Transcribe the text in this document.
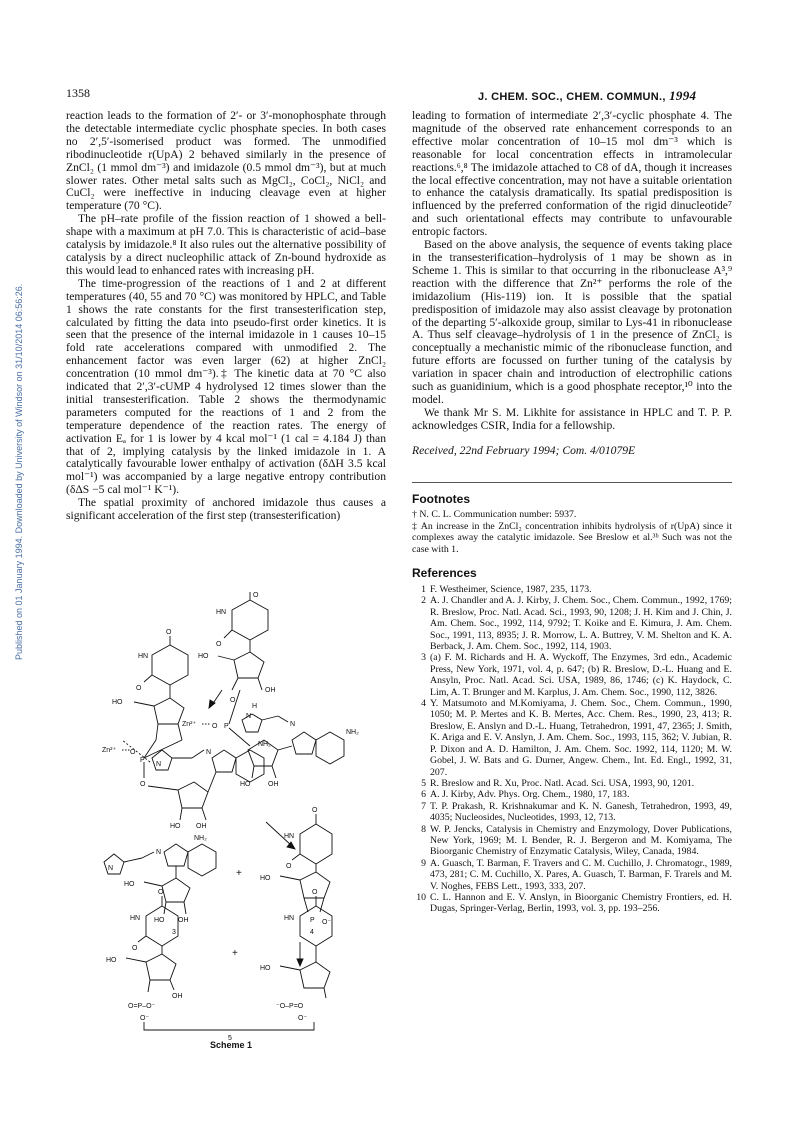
Published on 01 January 1994. Downloaded by University of Windsor on 31/10/2014 06:56:26.
1358	J. CHEM. SOC., CHEM. COMMUN., 1994

reaction leads to the formation of 2′- or 3′-monophosphate through the detectable intermediate cyclic phosphate species. In both cases no 2′,5′-isomerised product was formed. The unmodified ribodinucleotide r(UpA) 2 behaved similarly in the presence of ZnCl₂ (1 mmol dm⁻³) and imidazole (0.5 mmol dm⁻³), but at much slower rates. Other metal salts such as MgCl₂, CoCl₂, NiCl₂ and CuCl₂ were ineffective in inducing cleavage even at higher temperature (70 °C).

The pH–rate profile of the fission reaction of 1 showed a bell-shape with a maximum at pH 7.0. This is characteristic of acid–base catalysis by imidazole.⁸ It also rules out the alternative possibility of catalysis by a direct nucleophilic attack of Zn-bound hydroxide as this would lead to enhanced rates with increasing pH.

The time-progression of the reactions of 1 and 2 at different temperatures (40, 55 and 70 °C) was monitored by HPLC, and Table 1 shows the rate constants for the first transesterification step, calculated by fitting the data into pseudo-first order kinetics. It is seen that the presence of the internal imidazole in 1 causes 10–15 fold rate accelerations compared with unmodified 2. The enhancement factor was even larger (62) at higher ZnCl₂ concentration (10 mmol dm⁻³).‡ The kinetic data at 70 °C also indicated that 2′,3′-cUMP 4 hydrolysed 12 times slower than the initial transesterification. Table 2 shows the thermodynamic parameters computed for the reactions of 1 and 2 from the temperature dependence of the reaction rates. The energy of activation Eₐ for 1 is lower by 4 kcal mol⁻¹ (1 cal = 4.184 J) than that of 2, implying catalysis by the linked imidazole in 1. A catalytically favourable lower enthalpy of activation (δΔH 3.5 kcal mol⁻¹) was accompanied by a large negative entropy contribution (δΔS −5 cal mol⁻¹ K⁻¹).

The spatial proximity of anchored imidazole thus causes a significant acceleration of the first step (transesterification)

leading to formation of intermediate 2′,3′-cyclic phosphate 4. The magnitude of the observed rate enhancement corresponds to an effective molar concentration of 10–15 mol dm⁻³ which is reasonable for local concentration effects in intramolecular reactions.⁶,⁸ The imidazole attached to C8 of dA, though it increases the local effective concentration, may not have a suitable orientation to enhance the catalysis dramatically. Its spatial predisposition is influenced by the preferred conformation of the rigid dinucleotide⁷ and such orientational effects may contribute to unfavourable entropic factors.

Based on the above analysis, the sequence of events taking place in the transesterification–hydrolysis of 1 may be shown as in Scheme 1. This is similar to that occurring in the ribonuclease A³,⁹ reaction with the difference that Zn²⁺ performs the role of the imidazolium (His-119) ion. It is possible that the spatial predisposition of imidazole may also assist cleavage by protonation of the departing 5′-alkoxide group, similar to Lys-41 in ribonuclease A. Thus self cleavage–hydrolysis of 1 in the presence of ZnCl₂ is conceptually a mechanistic mimic of the ribonuclease function, and future efforts are focussed on further tuning of the catalysis by variation in spacer chain and introduction of electrophilic cations such as guanidinium, which is a good phosphate receptor,¹⁰ into the model.

We thank Mr S. M. Likhite for assistance in HPLC and T. P. P. acknowledges CSIR, India for a fellowship.

Received, 22nd February 1994; Com. 4/01079E

Footnotes

† N. C. L. Communication number: 5937.

‡ An increase in the ZnCl₂ concentration inhibits hydrolysis of r(UpA) since it complexes away the catalytic imidazole. See Breslow et al.³ᵇ Such was not the case with 1.

References

1 F. Westheimer, Science, 1987, 235, 1173.
2 A. J. Chandler and A. J. Kirby, J. Chem. Soc., Chem. Commun., 1992, 1769; R. Breslow, Proc. Natl. Acad. Sci., 1993, 90, 1208; J. H. Kim and J. Chin, J. Am. Chem. Soc., 1992, 114, 9792; T. Koike and E. Kimura, J. Am. Chem. Soc., 1991, 113, 8935; J. R. Morrow, L. A. Buttrey, V. M. Shelton and K. A. Berback, J. Am. Chem. Soc., 1992, 114, 1903.
3 (a) F. M. Richards and H. A. Wyckoff, The Enzymes, 3rd edn., Academic Press, New York, 1971, vol. 4, p. 647; (b) R. Breslow, D.-L. Huang and E. Ansyln, Proc. Natl. Acad. Sci. USA, 1989, 86, 1746; (c) K. Haydock, C. Lim, A. T. Brunger and M. Karplus, J. Am. Chem. Soc., 1990, 112, 3826.
4 Y. Matsumoto and M.Komiyama, J. Chem. Soc., Chem. Commun., 1990, 1050; M. P. Mertes and K. B. Mertes, Acc. Chem. Res., 1990, 23, 413; R. Breslow, E. Anslyn and D.-L. Huang, Tetrahedron, 1991, 47, 2365; J. Smith, K. Ariga and E. V. Anslyn, J. Am. Chem. Soc., 1993, 115, 362; V. Jubian, R. P. Dixon and A. D. Hamilton, J. Am. Chem. Soc. 1992, 114, 1120; M. W. Gobel, J. W. Bats and G. Durner, Angew. Chem., Int. Ed. Engl., 1992, 31, 207.
5 R. Breslow and R. Xu, Proc. Natl. Acad. Sci. USA, 1993, 90, 1201.
6 A. J. Kirby, Adv. Phys. Org. Chem., 1980, 17, 183.
7 T. P. Prakash, R. Krishnakumar and K. N. Ganesh, Tetrahedron, 1993, 49, 4035; Nucleosides, Nucleotides, 1993, 12, 713.
8 W. P. Jencks, Catalysis in Chemistry and Enzymology, Dover Publications, New York, 1969; M. I. Bender, R. J. Bergeron and M. Komiyama, The Bioorganic Chemistry of Enzymatic Catalysis, Wiley, Canada, 1984.
9 A. Guasch, T. Barman, F. Travers and C. M. Cuchillo, J. Chromatogr., 1989, 473, 281; C. M. Cuchillo, X. Pares, A. Guasch, T. Barman, F. Trarels and M. V. Noghes, FEBS Lett., 1993, 333, 207.
10 C. L. Hannon and E. V. Anslyn, in Bioorganic Chemistry Frontiers, ed. H. Dugas, Springer-Verlag, Berlin, 1993, vol. 3, pp. 193–256.
O
HN
O
HO
OH
O
HN
O
HO
Zn²⁺ O
P
O
Zn²⁺ O P
O
N
H
N
HO	OH
NH₂
N
N
NH₂
HO OH
N
N
NH₂
HO
HO OH
3
+
O
HN
O
HO
P O⁻
4
O
HN
O
HO
OH
O=P–O⁻
O⁻
+
O
HN
HO
⁻O–P=O
O⁻
5
Scheme 1
